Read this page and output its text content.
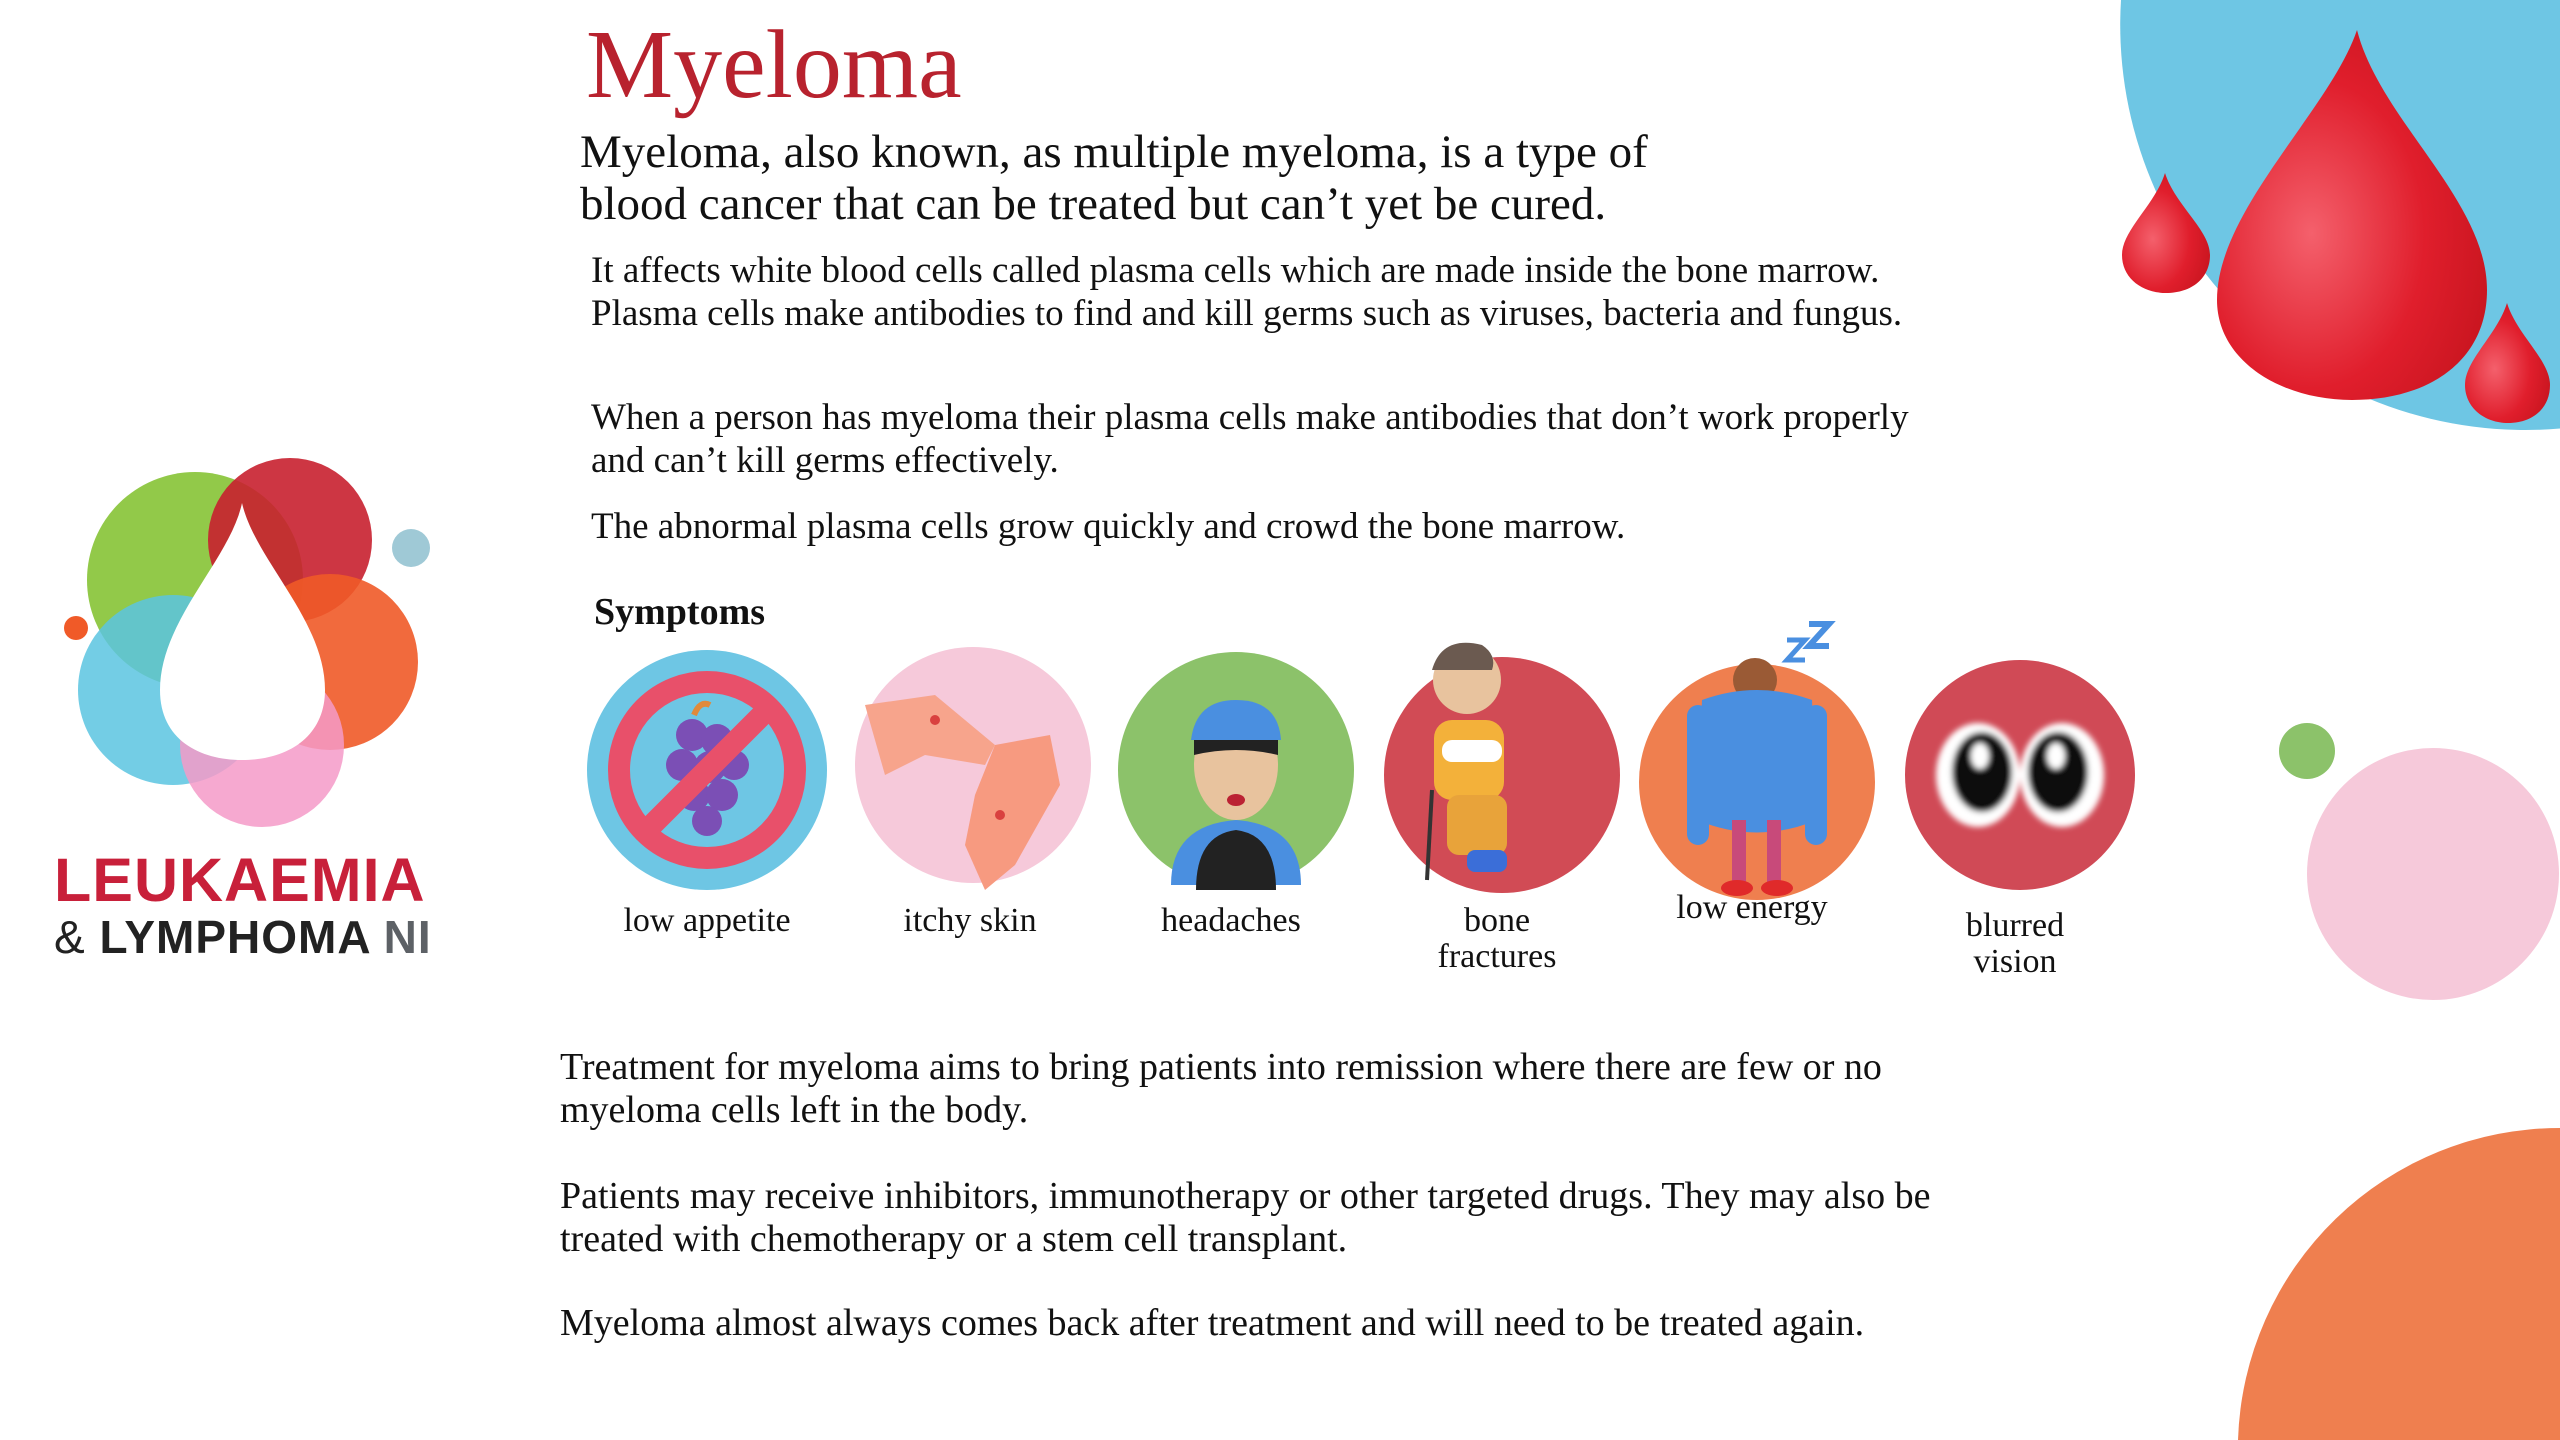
LEUKAEMIA
& LYMPHOMA NI
Myeloma
Myeloma, also known, as multiple myeloma, is a type of
blood cancer that can be treated but can’t yet be cured.
It affects white blood cells called plasma cells which are made inside the bone marrow.
Plasma cells make antibodies to find and kill germs such as viruses, bacteria and fungus.
When a person has myeloma their plasma cells make antibodies that don’t work properly
and can’t kill germs effectively.
The abnormal plasma cells grow quickly and crowd the bone marrow.
Symptoms
low appetite	itchy skin	headaches	bone
fractures
low energy	blurred
vision
Treatment for myeloma aims to bring patients into remission where there are few or no
myeloma cells left in the body.
Patients may receive inhibitors, immunotherapy or other targeted drugs. They may also be
treated with chemotherapy or a stem cell transplant.
Myeloma almost always comes back after treatment and will need to be treated again.
